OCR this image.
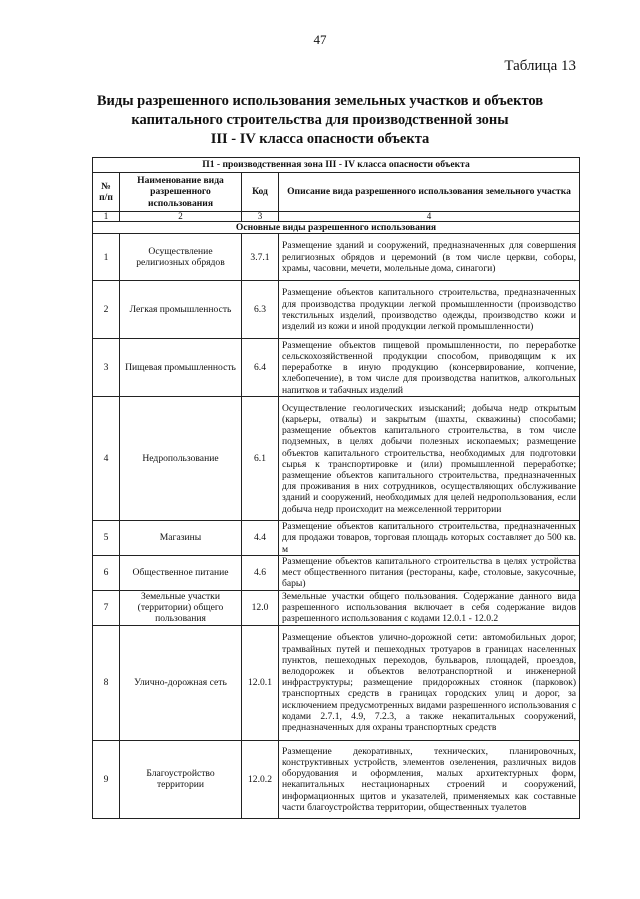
47
Таблица 13
Виды разрешенного использования земельных участков и объектов
капитального строительства для производственной зоны
III - IV класса опасности объекта
П1 - производственная зона III - IV класса опасности объекта			
№ п/п	Наименование вида разрешенного использования	Код	Описание вида разрешенного использования земельного участка
1	2	3	4
Основные виды разрешенного использования			
1	Осуществление религиозных обрядов	3.7.1	Размещение зданий и сооружений, предназначенных для совершения религиозных обрядов и церемоний (в том числе церкви, соборы, храмы, часовни, мечети, молельные дома, синагоги)
2	Легкая промышленность	6.3	Размещение объектов капитального строительства, предназначенных для производства продукции легкой промышленности (производство текстильных изделий, производство одежды, производство кожи и изделий из кожи и иной продукции легкой промышленности)
3	Пищевая промышленность	6.4	Размещение объектов пищевой промышленности, по переработке сельскохозяйственной продукции способом, приводящим к их переработке в иную продукцию (консервирование, копчение, хлебопечение), в том числе для производства напитков, алкогольных напитков и табачных изделий
4	Недропользование	6.1	Осуществление геологических изысканий; добыча недр открытым (карьеры, отвалы) и закрытым (шахты, скважины) способами; размещение объектов капитального строительства, в том числе подземных, в целях добычи полезных ископаемых; размещение объектов капитального строительства, необходимых для подготовки сырья к транспортировке и (или) промышленной переработке; размещение объектов капитального строительства, предназначенных для проживания в них сотрудников, осуществляющих обслуживание зданий и сооружений, необходимых для целей недропользования, если добыча недр происходит на межселенной территории
5	Магазины	4.4	Размещение объектов капитального строительства, предназначенных для продажи товаров, торговая площадь которых составляет до 500 кв. м
6	Общественное питание	4.6	Размещение объектов капитального строительства в целях устройства мест общественного питания (рестораны, кафе, столовые, закусочные, бары)
7	Земельные участки (территории) общего пользования	12.0	Земельные участки общего пользования. Содержание данного вида разрешенного использования включает в себя содержание видов разрешенного использования с кодами 12.0.1 - 12.0.2
8	Улично-дорожная сеть	12.0.1	Размещение объектов улично-дорожной сети: автомобильных дорог, трамвайных путей и пешеходных тротуаров в границах населенных пунктов, пешеходных переходов, бульваров, площадей, проездов, велодорожек и объектов велотранспортной и инженерной инфраструктуры; размещение придорожных стоянок (парковок) транспортных средств в границах городских улиц и дорог, за исключением предусмотренных видами разрешенного использования с кодами 2.7.1, 4.9, 7.2.3, а также некапитальных сооружений, предназначенных для охраны транспортных средств
9	Благоустройство территории	12.0.2	Размещение декоративных, технических, планировочных, конструктивных устройств, элементов озеленения, различных видов оборудования и оформления, малых архитектурных форм, некапитальных нестационарных строений и сооружений, информационных щитов и указателей, применяемых как составные части благоустройства территории, общественных туалетов
